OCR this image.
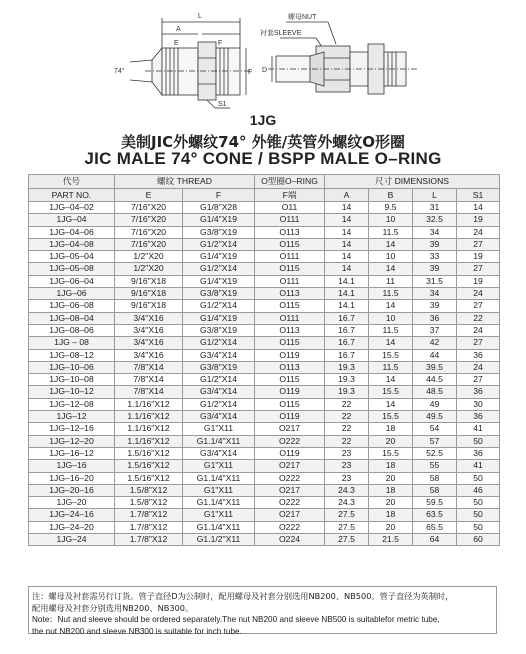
L
A
E	F
74°
S1
F
螺母NUT
衬套SLEEVE
D
1JG
美制JIC外螺纹74° 外锥/英管外螺纹O形圈
JIC MALE 74° CONE / BSPP MALE O–RING
代号	螺纹 THREAD		O型圈O–RING	尺寸 DIMENSIONS			
PART NO.	E	F	F端	A	B	L	S1
1JG–04–02	7/16"X20	G1/8"X28	O11	14	9.5	31	14
1JG–04	7/16"X20	G1/4"X19	O111	14	10	32.5	19
1JG–04–06	7/16"X20	G3/8"X19	O113	14	11.5	34	24
1JG–04–08	7/16"X20	G1/2"X14	O115	14	14	39	27
1JG–05–04	1/2"X20	G1/4"X19	O111	14	10	33	19
1JG–05–08	1/2"X20	G1/2"X14	O115	14	14	39	27
1JG–06–04	9/16"X18	G1/4"X19	O111	14.1	11	31.5	19
1JG–06	9/16"X18	G3/8"X19	O113	14.1	11.5	34	24
1JG–06–08	9/16"X18	G1/2"X14	O115	14.1	14	39	27
1JG–08–04	3/4"X16	G1/4"X19	O111	16.7	10	36	22
1JG–08–06	3/4"X16	G3/8"X19	O113	16.7	11.5	37	24
1JG – 08	3/4"X16	G1/2"X14	O115	16.7	14	42	27
1JG–08–12	3/4"X16	G3/4"X14	O119	16.7	15.5	44	36
1JG–10–06	7/8"X14	G3/8"X19	O113	19.3	11.5	39.5	24
1JG–10–08	7/8"X14	G1/2"X14	O115	19.3	14	44.5	27
1JG–10–12	7/8"X14	G3/4"X14	O119	19.3	15.5	48.5	36
1JG–12–08	1.1/16"X12	G1/2"X14	O115	22	14	49	30
1JG–12	1.1/16"X12	G3/4"X14	O119	22	15.5	49.5	36
1JG–12–16	1.1/16"X12	G1"X11	O217	22	18	54	41
1JG–12–20	1.1/16"X12	G1.1/4"X11	O222	22	20	57	50
1JG–16–12	1.5/16"X12	G3/4"X14	O119	23	15.5	52.5	36
1JG–16	1.5/16"X12	G1"X11	O217	23	18	55	41
1JG–16–20	1.5/16"X12	G1.1/4"X11	O222	23	20	58	50
1JG–20–16	1.5/8"X12	G1"X11	O217	24.3	18	58	46
1JG–20	1.5/8"X12	G1.1/4"X11	O222	24.3	20	59.5	50
1JG–24–16	1.7/8"X12	G1"X11	O217	27.5	18	63.5	50
1JG–24–20	1.7/8"X12	G1.1/4"X11	O222	27.5	20	65.5	50
1JG–24	1.7/8"X12	G1.1/2"X11	O224	27.5	21.5	64	60
注：螺母及衬套需另行订货。管子直径D为公制时，配用螺母及衬套分别选用NB200、NB500。管子直径为英制时，
配用螺母及衬套分别选用NB200、NB300。
Note：Nut and sleeve should be ordered separately.The nut NB200 and sleeve NB500 is suitablefor metric tube,
the nut NB200 and sleeve NB300 is suitable for inch tube.
